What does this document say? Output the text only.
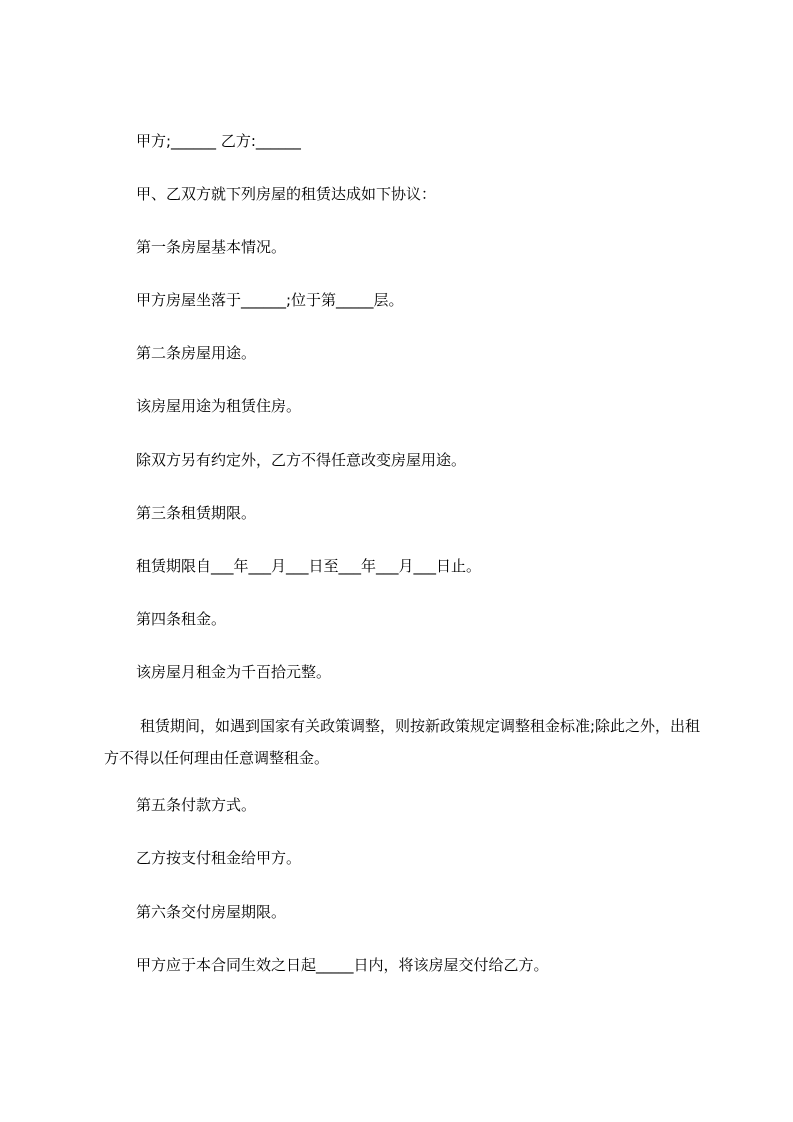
甲方;______ 乙方:______

甲、乙双方就下列房屋的租赁达成如下协议：

第一条房屋基本情况。

甲方房屋坐落于______;位于第_____层。

第二条房屋用途。

该房屋用途为租赁住房。

除双方另有约定外，乙方不得任意改变房屋用途。

第三条租赁期限。

租赁期限自___年___月___日至___年___月___日止。

第四条租金。

该房屋月租金为千百拾元整。

租赁期间，如遇到国家有关政策调整，则按新政策规定调整租金标准;除此之外，出租方不得以任何理由任意调整租金。

第五条付款方式。

乙方按支付租金给甲方。

第六条交付房屋期限。

甲方应于本合同生效之日起_____日内，将该房屋交付给乙方。
